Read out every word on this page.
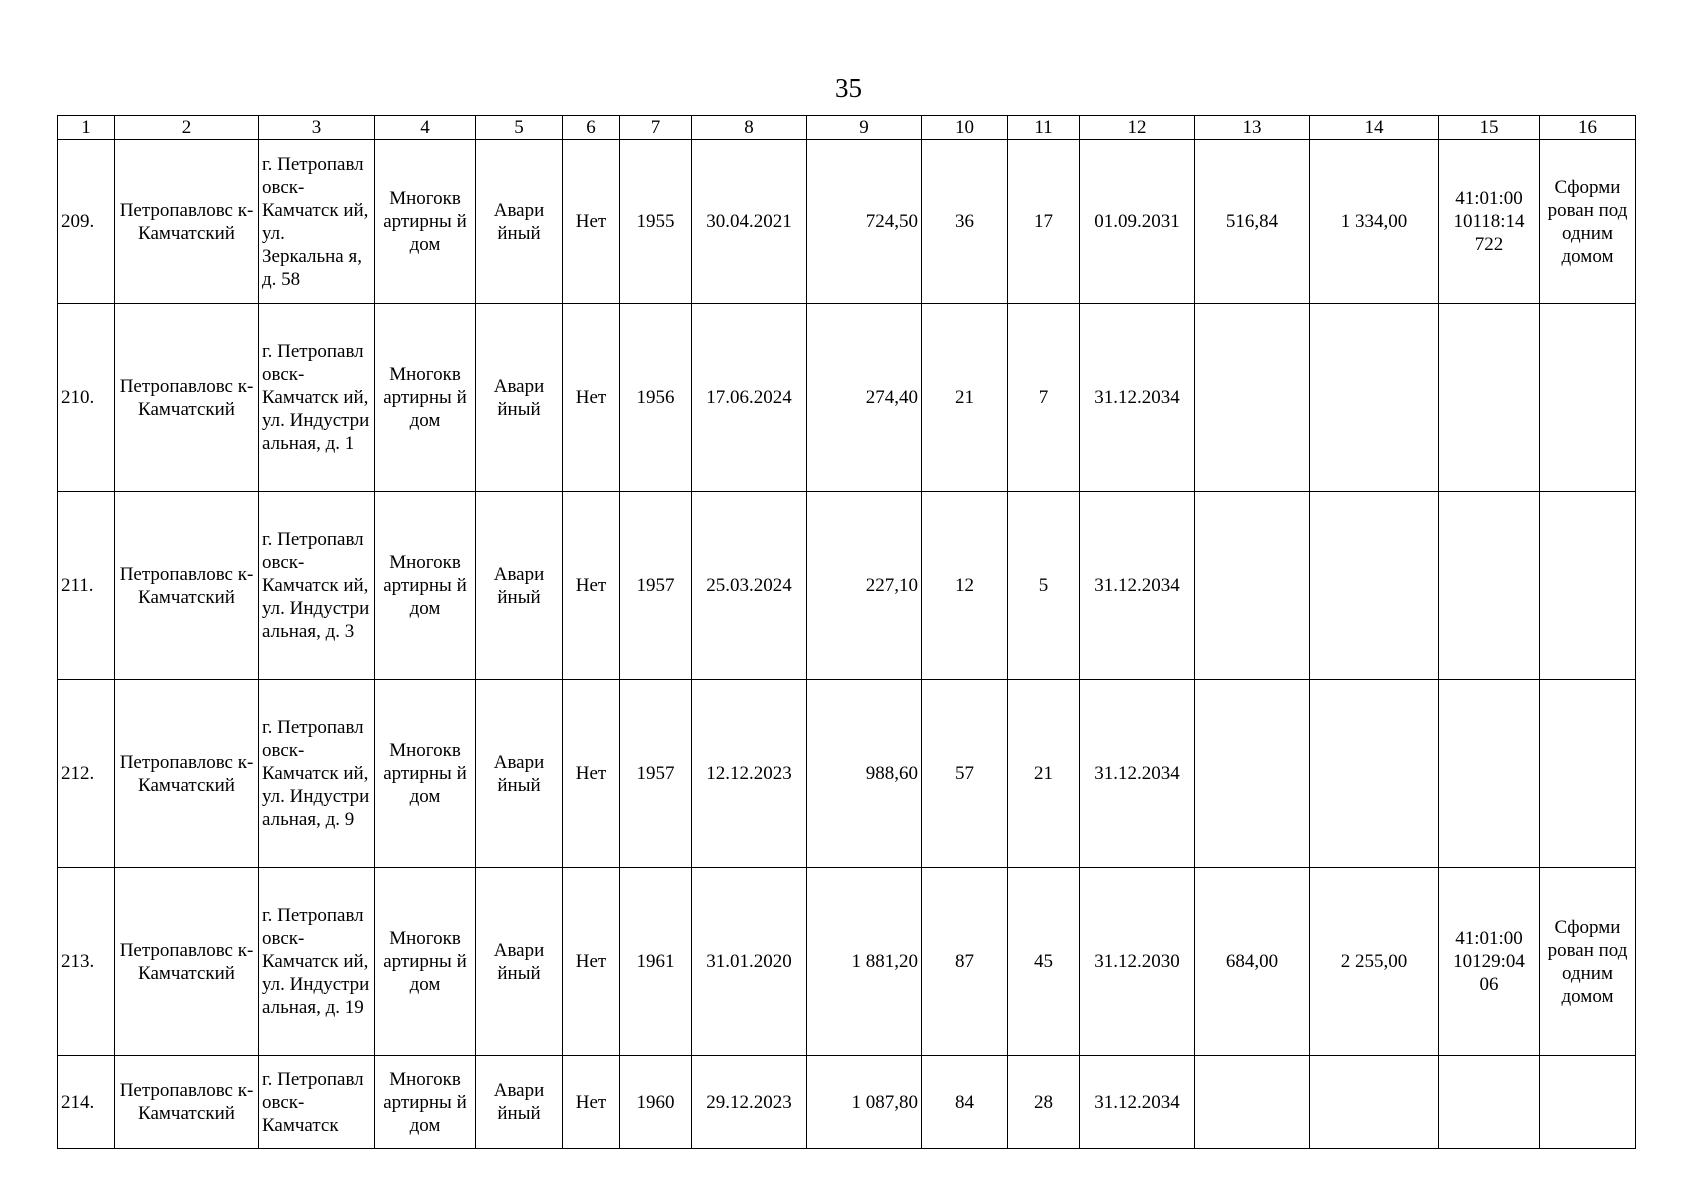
35
1	2	3	4	5	6	7	8	9	10	11	12	13	14	15	16

209.	Петропавловс к-Камчатский	г. Петропавл овск- Камчатск ий, ул. Зеркальна я, д. 58	Многокв артирны й дом	Авари йный	Нет	1955	30.04.2021	724,50	36	17	01.09.2031	516,84	1 334,00	41:01:00 10118:14 722	Сформи рован под одним домом

210.	Петропавловс к-Камчатский	г. Петропавл овск- Камчатск ий, ул. Индустри альная, д. 1	Многокв артирны й дом	Авари йный	Нет	1956	17.06.2024	274,40	21	7	31.12.2034				

211.	Петропавловс к-Камчатский	г. Петропавл овск- Камчатск ий, ул. Индустри альная, д. 3	Многокв артирны й дом	Авари йный	Нет	1957	25.03.2024	227,10	12	5	31.12.2034				

212.	Петропавловс к-Камчатский	г. Петропавл овск- Камчатск ий, ул. Индустри альная, д. 9	Многокв артирны й дом	Авари йный	Нет	1957	12.12.2023	988,60	57	21	31.12.2034				

213.	Петропавловс к-Камчатский	г. Петропавл овск- Камчатск ий, ул. Индустри альная, д. 19	Многокв артирны й дом	Авари йный	Нет	1961	31.01.2020	1 881,20	87	45	31.12.2030	684,00	2 255,00	41:01:00 10129:04 06	Сформи рован под одним домом

214.	Петропавловс к-Камчатский	г. Петропавл овск- Камчатск	Многокв артирны й дом	Авари йный	Нет	1960	29.12.2023	1 087,80	84	28	31.12.2034				
